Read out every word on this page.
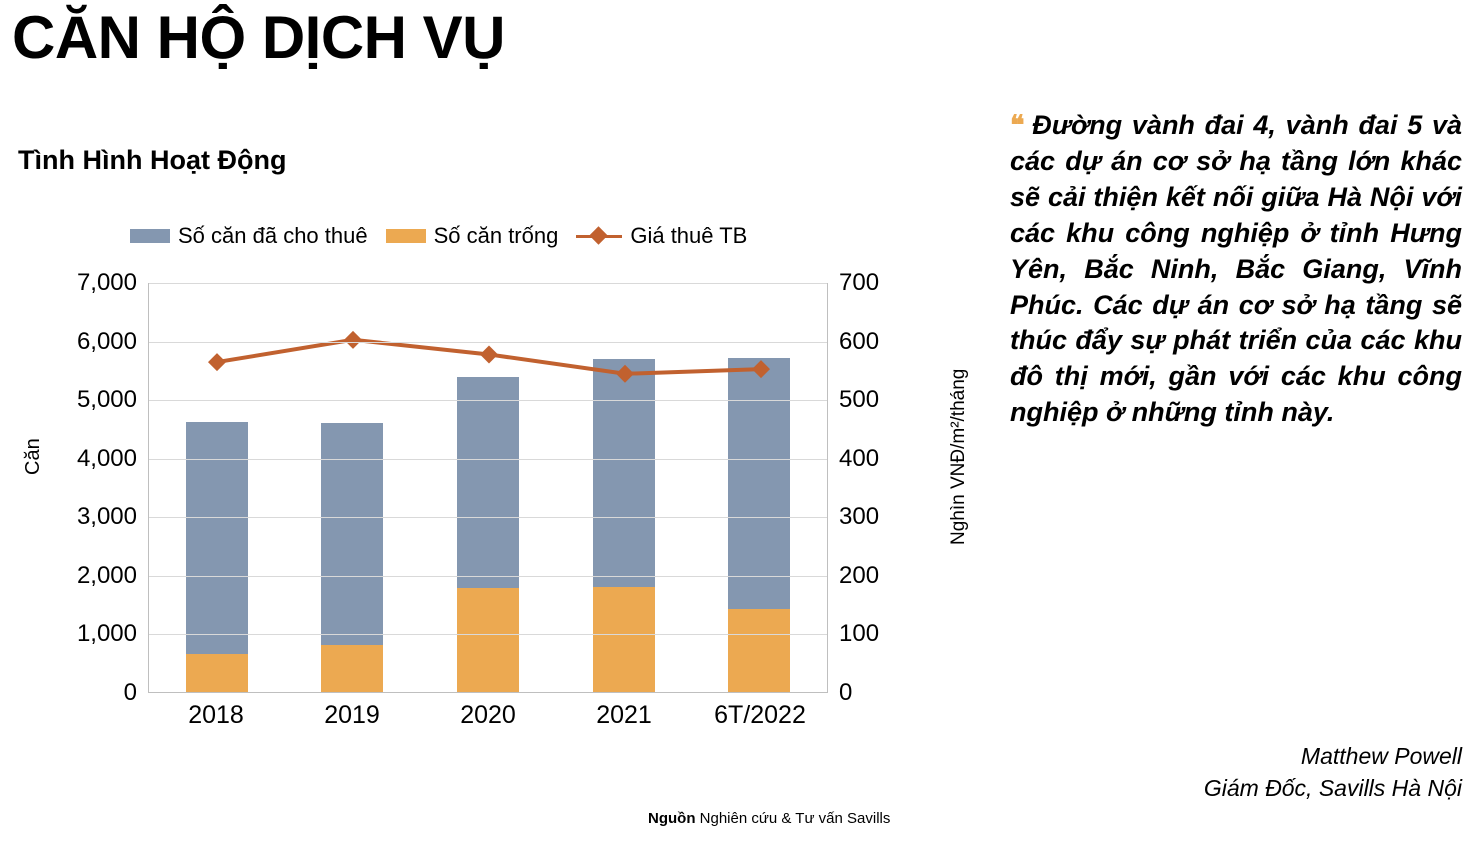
CĂN HỘ DỊCH VỤ
Tình Hình Hoạt Động
Số căn đã cho thuê	Số căn trống	Giá thuê TB
Căn	Nghìn VNĐ/m²/tháng
0	0
1,000	100
2,000	200
3,000	300
4,000	400
5,000	500
6,000	600
7,000	700
2018	2019	2020	2021	6T/2022
Nguồn Nghiên cứu & Tư vấn Savills
❝ Đường vành đai 4, vành đai 5 và các dự án cơ sở hạ tầng lớn khác sẽ cải thiện kết nối giữa Hà Nội với các khu công nghiệp ở tỉnh Hưng Yên, Bắc Ninh, Bắc Giang, Vĩnh Phúc. Các dự án cơ sở hạ tầng sẽ thúc đẩy sự phát triển của các khu đô thị mới, gần với các khu công nghiệp ở những tỉnh này.
Matthew Powell
Giám Đốc, Savills Hà Nội
